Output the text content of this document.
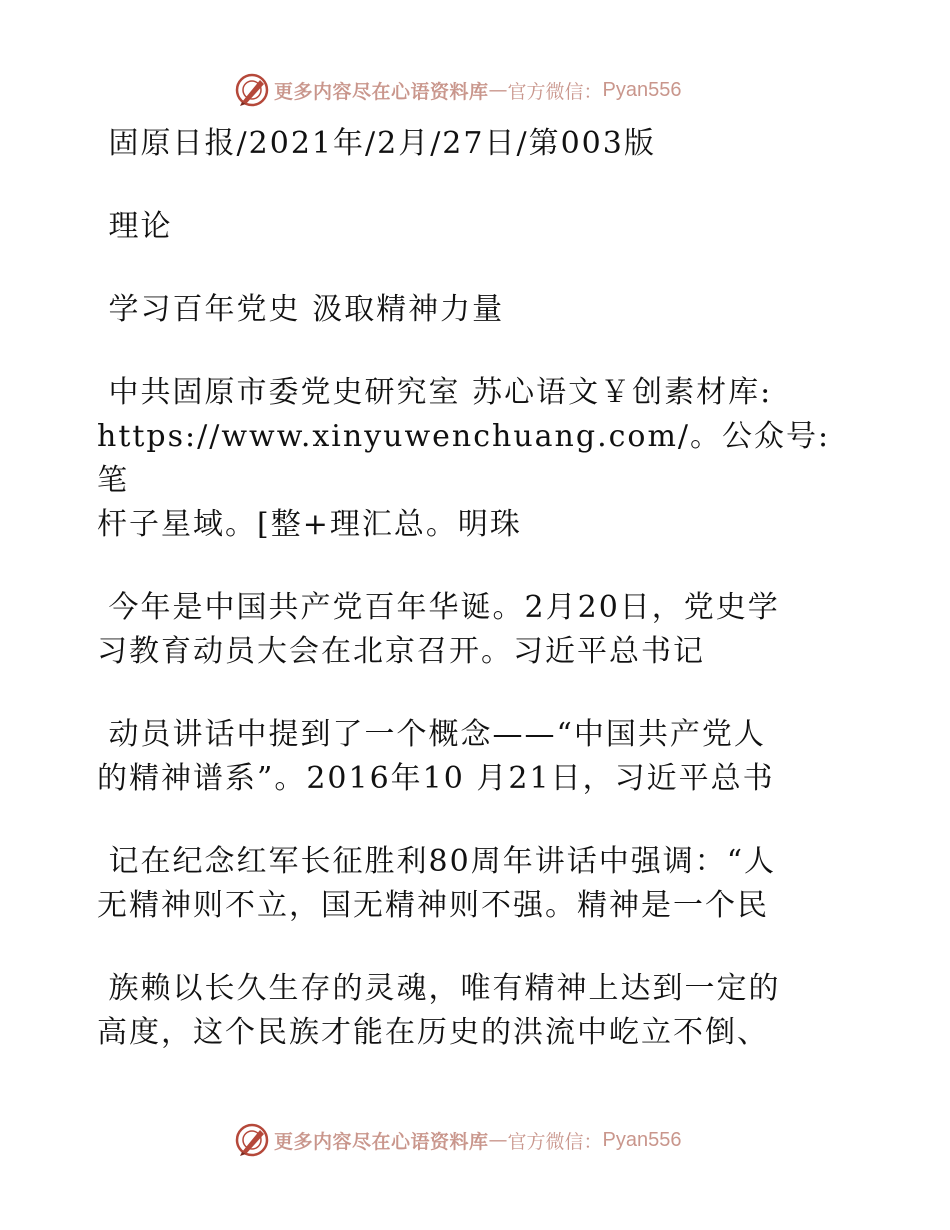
更多内容尽在心语资料库 — 官方微信： Pyan556

固原日报/2021年/2月/27日/第003版

理论

学习百年党史 汲取精神力量

中共固原市委党史研究室 苏心语文￥创素材库:

https://www.xinyuwenchuang.com/。公众号: 笔

杆子星域。[整+理汇总。明珠

今年是中国共产党百年华诞。2月20日，党史学

习教育动员大会在北京召开。习近平总书记

动员讲话中提到了一个概念——“中国共产党人

的精神谱系”。2016年10 月21日，习近平总书

记在纪念红军长征胜利80周年讲话中强调：“人

无精神则不立，国无精神则不强。精神是一个民

族赖以长久生存的灵魂，唯有精神上达到一定的

高度，这个民族才能在历史的洪流中屹立不倒、

更多内容尽在心语资料库 — 官方微信： Pyan556
